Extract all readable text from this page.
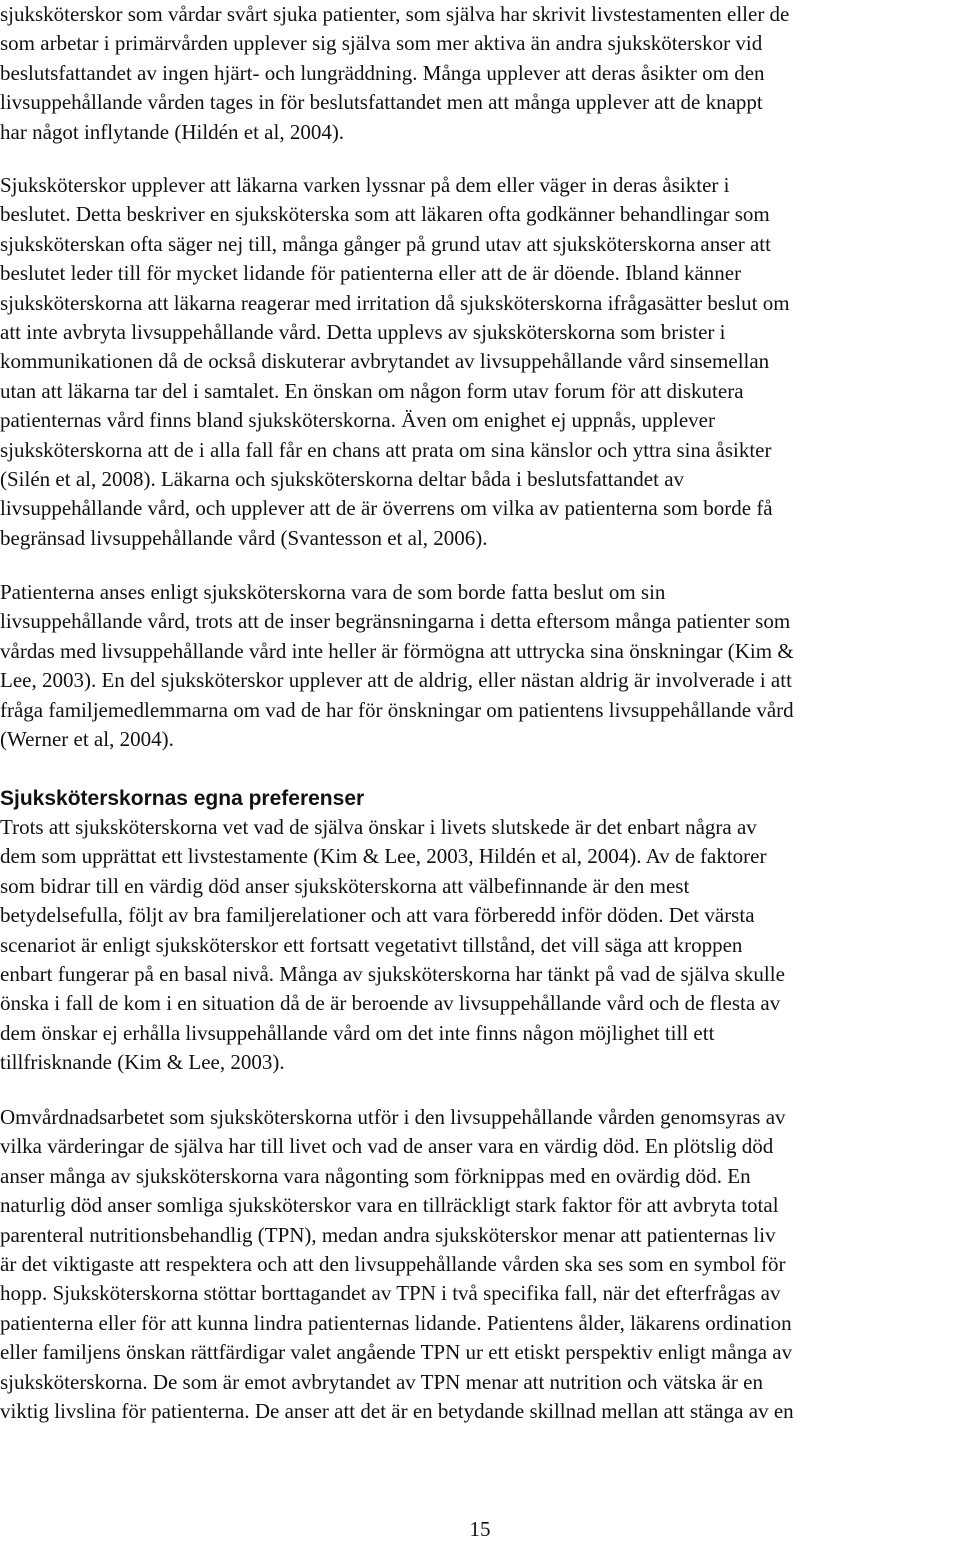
sjuksköterskor som vårdar svårt sjuka patienter, som själva har skrivit livstestamenten eller de
som arbetar i primärvården upplever sig själva som mer aktiva än andra sjuksköterskor vid
beslutsfattandet av ingen hjärt- och lungräddning. Många upplever att deras åsikter om den
livsuppehållande vården tages in för beslutsfattandet men att många upplever att de knappt
har något inflytande (Hildén et al, 2004).
Sjuksköterskor upplever att läkarna varken lyssnar på dem eller väger in deras åsikter i
beslutet. Detta beskriver en sjuksköterska som att läkaren ofta godkänner behandlingar som
sjuksköterskan ofta säger nej till, många gånger på grund utav att sjuksköterskorna anser att
beslutet leder till för mycket lidande för patienterna eller att de är döende. Ibland känner
sjuksköterskorna att läkarna reagerar med irritation då sjuksköterskorna ifrågasätter beslut om
att inte avbryta livsuppehållande vård. Detta upplevs av sjuksköterskorna som brister i
kommunikationen då de också diskuterar avbrytandet av livsuppehållande vård sinsemellan
utan att läkarna tar del i samtalet. En önskan om någon form utav forum för att diskutera
patienternas vård finns bland sjuksköterskorna. Även om enighet ej uppnås, upplever
sjuksköterskorna att de i alla fall får en chans att prata om sina känslor och yttra sina åsikter
(Silén et al, 2008). Läkarna och sjuksköterskorna deltar båda i beslutsfattandet av
livsuppehållande vård, och upplever att de är överrens om vilka av patienterna som borde få
begränsad livsuppehållande vård (Svantesson et al, 2006).
Patienterna anses enligt sjuksköterskorna vara de som borde fatta beslut om sin
livsuppehållande vård, trots att de inser begränsningarna i detta eftersom många patienter som
vårdas med livsuppehållande vård inte heller är förmögna att uttrycka sina önskningar (Kim &
Lee, 2003). En del sjuksköterskor upplever att de aldrig, eller nästan aldrig är involverade i att
fråga familjemedlemmarna om vad de har för önskningar om patientens livsuppehållande vård
(Werner et al, 2004).
Sjuksköterskornas egna preferenser
Trots att sjuksköterskorna vet vad de själva önskar i livets slutskede är det enbart några av
dem som upprättat ett livstestamente (Kim & Lee, 2003, Hildén et al, 2004). Av de faktorer
som bidrar till en värdig död anser sjuksköterskorna att välbefinnande är den mest
betydelsefulla, följt av bra familjerelationer och att vara förberedd inför döden. Det värsta
scenariot är enligt sjuksköterskor ett fortsatt vegetativt tillstånd, det vill säga att kroppen
enbart fungerar på en basal nivå. Många av sjuksköterskorna har tänkt på vad de själva skulle
önska i fall de kom i en situation då de är beroende av livsuppehållande vård och de flesta av
dem önskar ej erhålla livsuppehållande vård om det inte finns någon möjlighet till ett
tillfrisknande (Kim & Lee, 2003).
Omvårdnadsarbetet som sjuksköterskorna utför i den livsuppehållande vården genomsyras av
vilka värderingar de själva har till livet och vad de anser vara en värdig död. En plötslig död
anser många av sjuksköterskorna vara någonting som förknippas med en ovärdig död. En
naturlig död anser somliga sjuksköterskor vara en tillräckligt stark faktor för att avbryta total
parenteral nutritionsbehandlig (TPN), medan andra sjuksköterskor menar att patienternas liv
är det viktigaste att respektera och att den livsuppehållande vården ska ses som en symbol för
hopp. Sjuksköterskorna stöttar borttagandet av TPN i två specifika fall, när det efterfrågas av
patienterna eller för att kunna lindra patienternas lidande. Patientens ålder, läkarens ordination
eller familjens önskan rättfärdigar valet angående TPN ur ett etiskt perspektiv enligt många av
sjuksköterskorna. De som är emot avbrytandet av TPN menar att nutrition och vätska är en
viktig livslina för patienterna. De anser att det är en betydande skillnad mellan att stänga av en
15
